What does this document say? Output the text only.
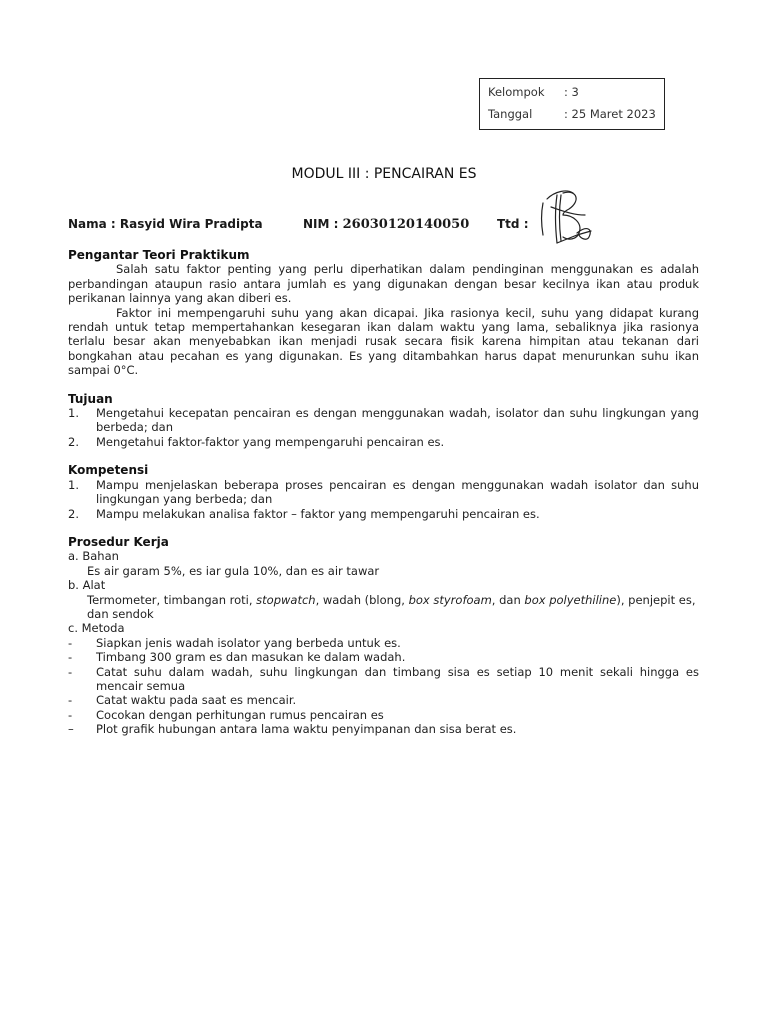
Kelompok : 3
Tanggal	: 25 Maret 2023
MODUL III : PENCAIRAN ES
Nama : Rasyid Wira Pradipta	NIM : 26030120140050 Ttd :
Pengantar Teori Praktikum

Salah satu faktor penting yang perlu diperhatikan dalam pendinginan menggunakan es adalah perbandingan ataupun rasio antara jumlah es yang digunakan dengan besar kecilnya ikan atau produk perikanan lainnya yang akan diberi es.

Faktor ini mempengaruhi suhu yang akan dicapai. Jika rasionya kecil, suhu yang didapat kurang rendah untuk tetap mempertahankan kesegaran ikan dalam waktu yang lama, sebaliknya jika rasionya terlalu besar akan menyebabkan ikan menjadi rusak secara fisik karena himpitan atau tekanan dari bongkahan atau pecahan es yang digunakan. Es yang ditambahkan harus dapat menurunkan suhu ikan sampai 0°C.

Tujuan
1. Mengetahui kecepatan pencairan es dengan menggunakan wadah, isolator dan suhu lingkungan yang berbeda; dan
2. Mengetahui faktor-faktor yang mempengaruhi pencairan es.
Kompetensi
1. Mampu menjelaskan beberapa proses pencairan es dengan menggunakan wadah isolator dan suhu lingkungan yang berbeda; dan
2. Mampu melakukan analisa faktor – faktor yang mempengaruhi pencairan es.
Prosedur Kerja
a. Bahan
Es air garam 5%, es iar gula 10%, dan es air tawar
b. Alat
Termometer, timbangan roti, stopwatch, wadah (blong, box styrofoam, dan box polyethiline), penjepit es, dan sendok
c. Metoda
- Siapkan jenis wadah isolator yang berbeda untuk es.
- Timbang 300 gram es dan masukan ke dalam wadah.
- Catat suhu dalam wadah, suhu lingkungan dan timbang sisa es setiap 10 menit sekali hingga es mencair semua
- Catat waktu pada saat es mencair.
- Cocokan dengan perhitungan rumus pencairan es
– Plot grafik hubungan antara lama waktu penyimpanan dan sisa berat es.
